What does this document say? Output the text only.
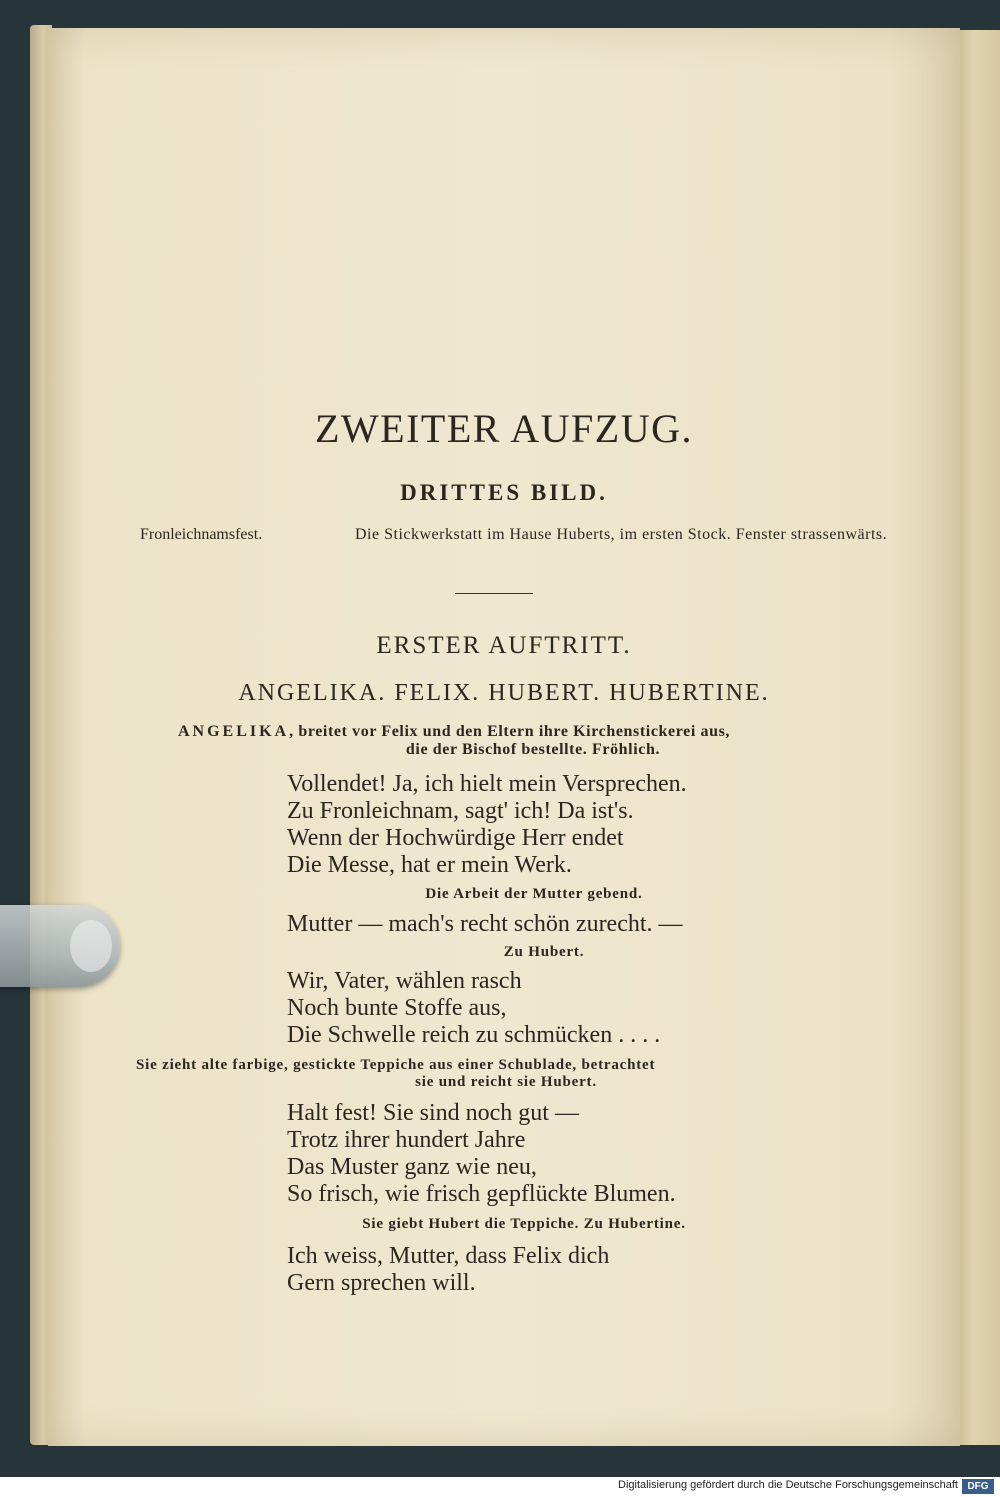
ZWEITER AUFZUG.
DRITTES BILD.
Fronleichnamsfest.	Die Stickwerkstatt im Hause Huberts, im ersten Stock. Fenster strassenwärts.
ERSTER AUFTRITT.
ANGELIKA. FELIX. HUBERT. HUBERTINE.
ANGELIKA, breitet vor Felix und den Eltern ihre Kirchenstickerei aus,
die der Bischof bestellte. Fröhlich.
Vollendet! Ja, ich hielt mein Versprechen.
Zu Fronleichnam, sagt' ich! Da ist's.
Wenn der Hochwürdige Herr endet
Die Messe, hat er mein Werk.
Die Arbeit der Mutter gebend.
Mutter — mach's recht schön zurecht. —
Zu Hubert.
Wir, Vater, wählen rasch
Noch bunte Stoffe aus,
Die Schwelle reich zu schmücken . . . .
Sie zieht alte farbige, gestickte Teppiche aus einer Schublade, betrachtet
sie und reicht sie Hubert.
Halt fest! Sie sind noch gut —
Trotz ihrer hundert Jahre
Das Muster ganz wie neu,
So frisch, wie frisch gepflückte Blumen.
Sie giebt Hubert die Teppiche. Zu Hubertine.
Ich weiss, Mutter, dass Felix dich
Gern sprechen will.
Digitalisierung gefördert durch die Deutsche Forschungsgemeinschaft DFG
